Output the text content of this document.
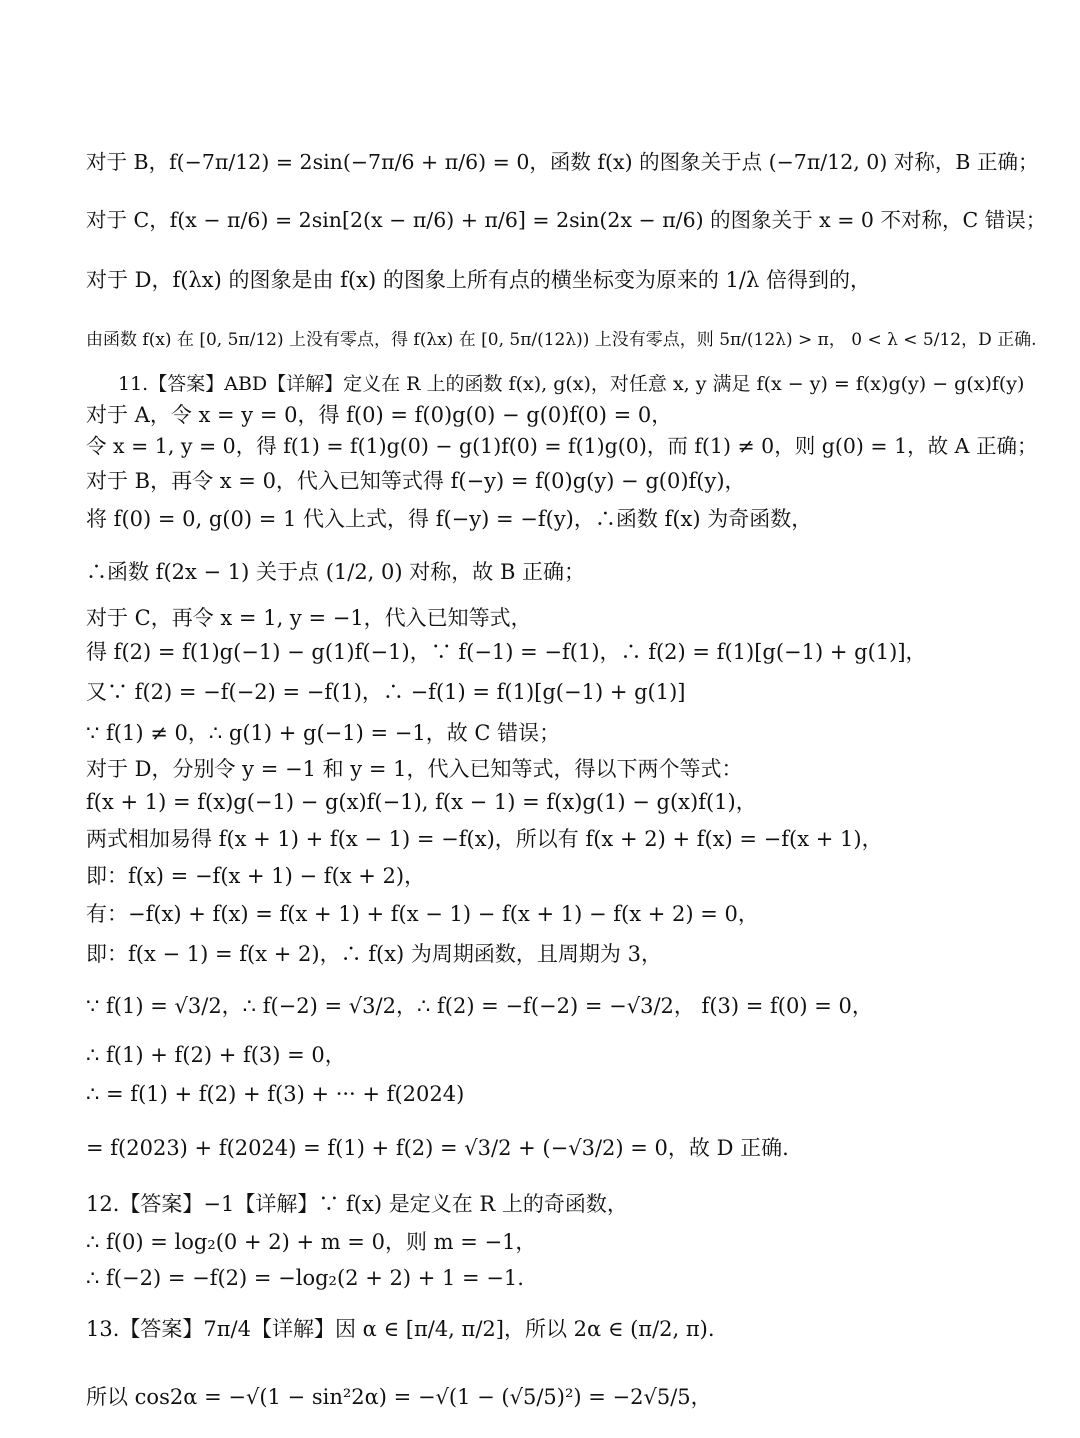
对于 B，f(−7π/12) = 2sin(−7π/6 + π/6) = 0，函数 f(x) 的图象关于点 (−7π/12, 0) 对称，B 正确；
对于 C，f(x − π/6) = 2sin[2(x − π/6) + π/6] = 2sin(2x − π/6) 的图象关于 x = 0 不对称，C 错误；
对于 D，f(λx) 的图象是由 f(x) 的图象上所有点的横坐标变为原来的 1/λ 倍得到的，
由函数 f(x) 在 [0, 5π/12) 上没有零点，得 f(λx) 在 [0, 5π/(12λ)) 上没有零点，则 5π/(12λ) > π， 0 < λ < 5/12，D 正确.
11.【答案】ABD【详解】定义在 R 上的函数 f(x), g(x)，对任意 x, y 满足 f(x − y) = f(x)g(y) − g(x)f(y)
对于 A，令 x = y = 0，得 f(0) = f(0)g(0) − g(0)f(0) = 0，
令 x = 1, y = 0，得 f(1) = f(1)g(0) − g(1)f(0) = f(1)g(0)，而 f(1) ≠ 0，则 g(0) = 1，故 A 正确；
对于 B，再令 x = 0，代入已知等式得 f(−y) = f(0)g(y) − g(0)f(y)，
将 f(0) = 0, g(0) = 1 代入上式，得 f(−y) = −f(y)，∴函数 f(x) 为奇函数，
∴函数 f(2x − 1) 关于点 (1/2, 0) 对称，故 B 正确；
对于 C，再令 x = 1, y = −1，代入已知等式，
得 f(2) = f(1)g(−1) − g(1)f(−1)，∵ f(−1) = −f(1)，∴ f(2) = f(1)[g(−1) + g(1)]，
又∵ f(2) = −f(−2) = −f(1)，∴ −f(1) = f(1)[g(−1) + g(1)]
∵ f(1) ≠ 0，∴ g(1) + g(−1) = −1，故 C 错误；
对于 D，分别令 y = −1 和 y = 1，代入已知等式，得以下两个等式：
f(x + 1) = f(x)g(−1) − g(x)f(−1), f(x − 1) = f(x)g(1) − g(x)f(1)，
两式相加易得 f(x + 1) + f(x − 1) = −f(x)，所以有 f(x + 2) + f(x) = −f(x + 1)，
即：f(x) = −f(x + 1) − f(x + 2)，
有：−f(x) + f(x) = f(x + 1) + f(x − 1) − f(x + 1) − f(x + 2) = 0，
即：f(x − 1) = f(x + 2)，∴ f(x) 为周期函数，且周期为 3，
∵ f(1) = √3/2，∴ f(−2) = √3/2，∴ f(2) = −f(−2) = −√3/2， f(3) = f(0) = 0，
∴ f(1) + f(2) + f(3) = 0，
∴ = f(1) + f(2) + f(3) + ··· + f(2024)
= f(2023) + f(2024) = f(1) + f(2) = √3/2 + (−√3/2) = 0，故 D 正确.
12.【答案】−1【详解】∵ f(x) 是定义在 R 上的奇函数，
∴ f(0) = log₂(0 + 2) + m = 0，则 m = −1，
∴ f(−2) = −f(2) = −log₂(2 + 2) + 1 = −1.
13.【答案】7π/4【详解】因 α ∈ [π/4, π/2]，所以 2α ∈ (π/2, π).
所以 cos2α = −√(1 − sin²2α) = −√(1 − (√5/5)²) = −2√5/5，
